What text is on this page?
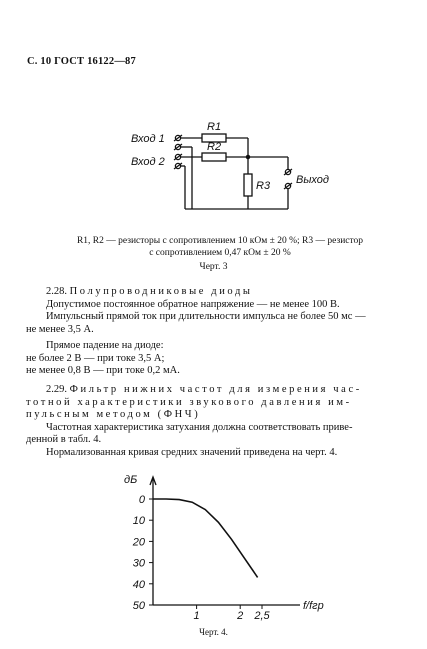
С. 10 ГОСТ 16122—87
Вход 1
Вход 2
R1
R2
R3 Выход
R1, R2 — резисторы с сопротивлением 10 кОм ± 20 %; R3 — резистор
с сопротивлением 0,47 кОм ± 20 %
Черт. 3
2.28. Полупроводниковые диоды
Допустимое постоянное обратное напряжение — не менее 100 В.
Импульсный прямой ток при длительности импульса не более 50 мс —
не менее 3,5 А.
Прямое падение на диоде:
не более 2 В — при токе 3,5 А;
не менее 0,8 В — при токе 0,2 мА.
2.29. Фильтр нижних частот для измерения час-
тотной характеристики звукового давления им-
пульсным методом (ФНЧ)
Частотная характеристика затухания должна соответствовать приве-
денной в табл. 4.
Нормализованная кривая средних значений приведена на черт. 4.
0
10
20
30
40
50
1	2 2,5
дБ
f/fгр
Черт. 4.
